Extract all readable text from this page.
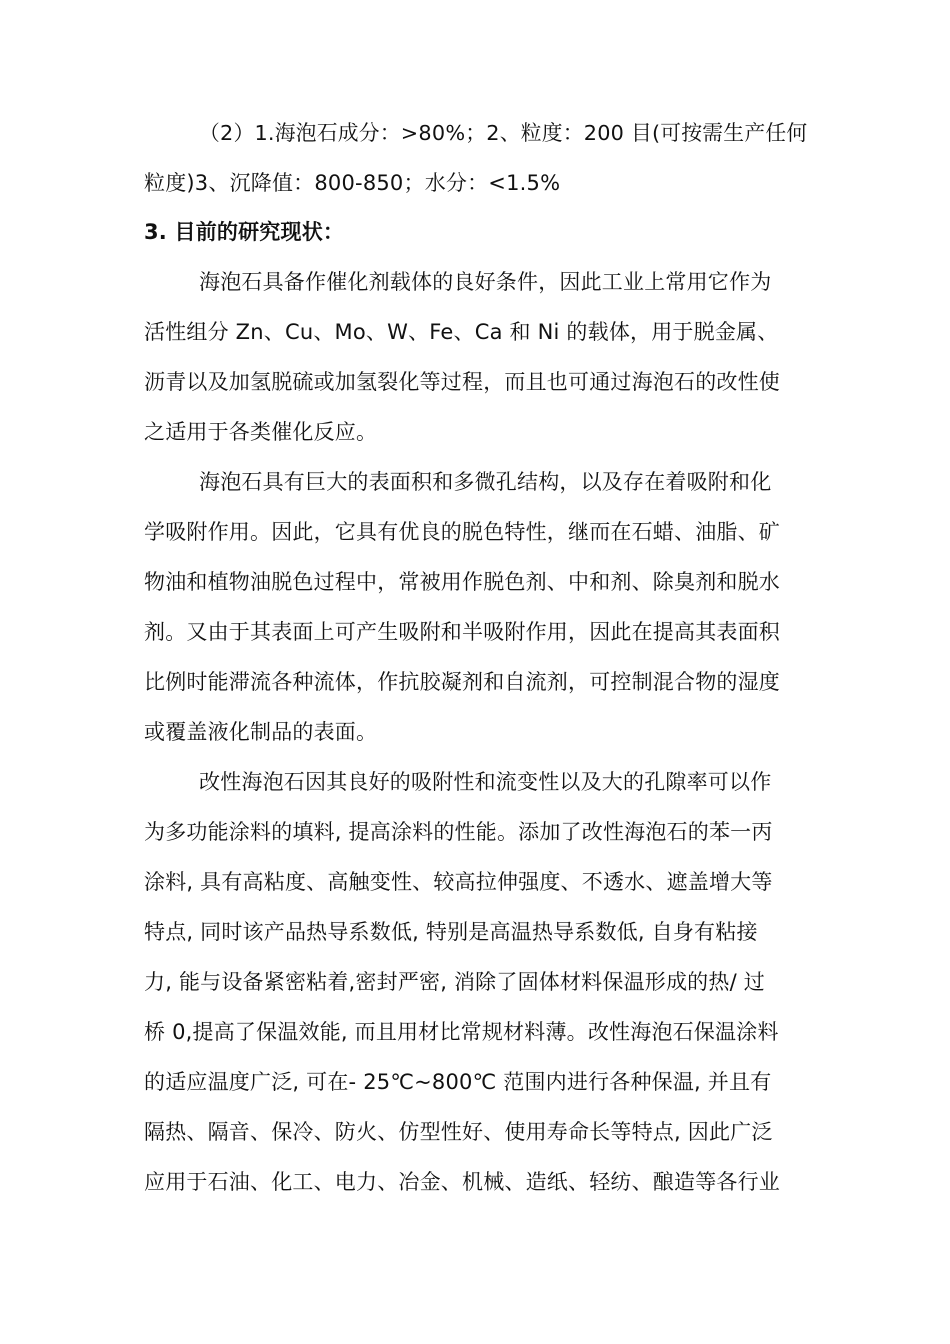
（2）1.海泡石成分：>80%；2、粒度：200 目(可按需生产任何
粒度)3、沉降值：800-850；水分：<1.5%
3. 目前的研究现状：
海泡石具备作催化剂载体的良好条件，因此工业上常用它作为
活性组分 Zn、Cu、Mo、W、Fe、Ca 和 Ni 的载体，用于脱金属、
沥青以及加氢脱硫或加氢裂化等过程，而且也可通过海泡石的改性使
之适用于各类催化反应。
海泡石具有巨大的表面积和多微孔结构，以及存在着吸附和化
学吸附作用。因此，它具有优良的脱色特性，继而在石蜡、油脂、矿
物油和植物油脱色过程中，常被用作脱色剂、中和剂、除臭剂和脱水
剂。又由于其表面上可产生吸附和半吸附作用，因此在提高其表面积
比例时能滞流各种流体，作抗胶凝剂和自流剂，可控制混合物的湿度
或覆盖液化制品的表面。
改性海泡石因其良好的吸附性和流变性以及大的孔隙率可以作
为多功能涂料的填料, 提高涂料的性能。添加了改性海泡石的苯一丙
涂料, 具有高粘度、高触变性、较高拉伸强度、不透水、遮盖增大等
特点, 同时该产品热导系数低, 特别是高温热导系数低, 自身有粘接
力, 能与设备紧密粘着,密封严密, 消除了固体材料保温形成的热/ 过
桥 0,提高了保温效能, 而且用材比常规材料薄。改性海泡石保温涂料
的适应温度广泛, 可在- 25℃~800℃ 范围内进行各种保温, 并且有
隔热、隔音、保冷、防火、仿型性好、使用寿命长等特点, 因此广泛
应用于石油、化工、电力、冶金、机械、造纸、轻纺、酿造等各行业
